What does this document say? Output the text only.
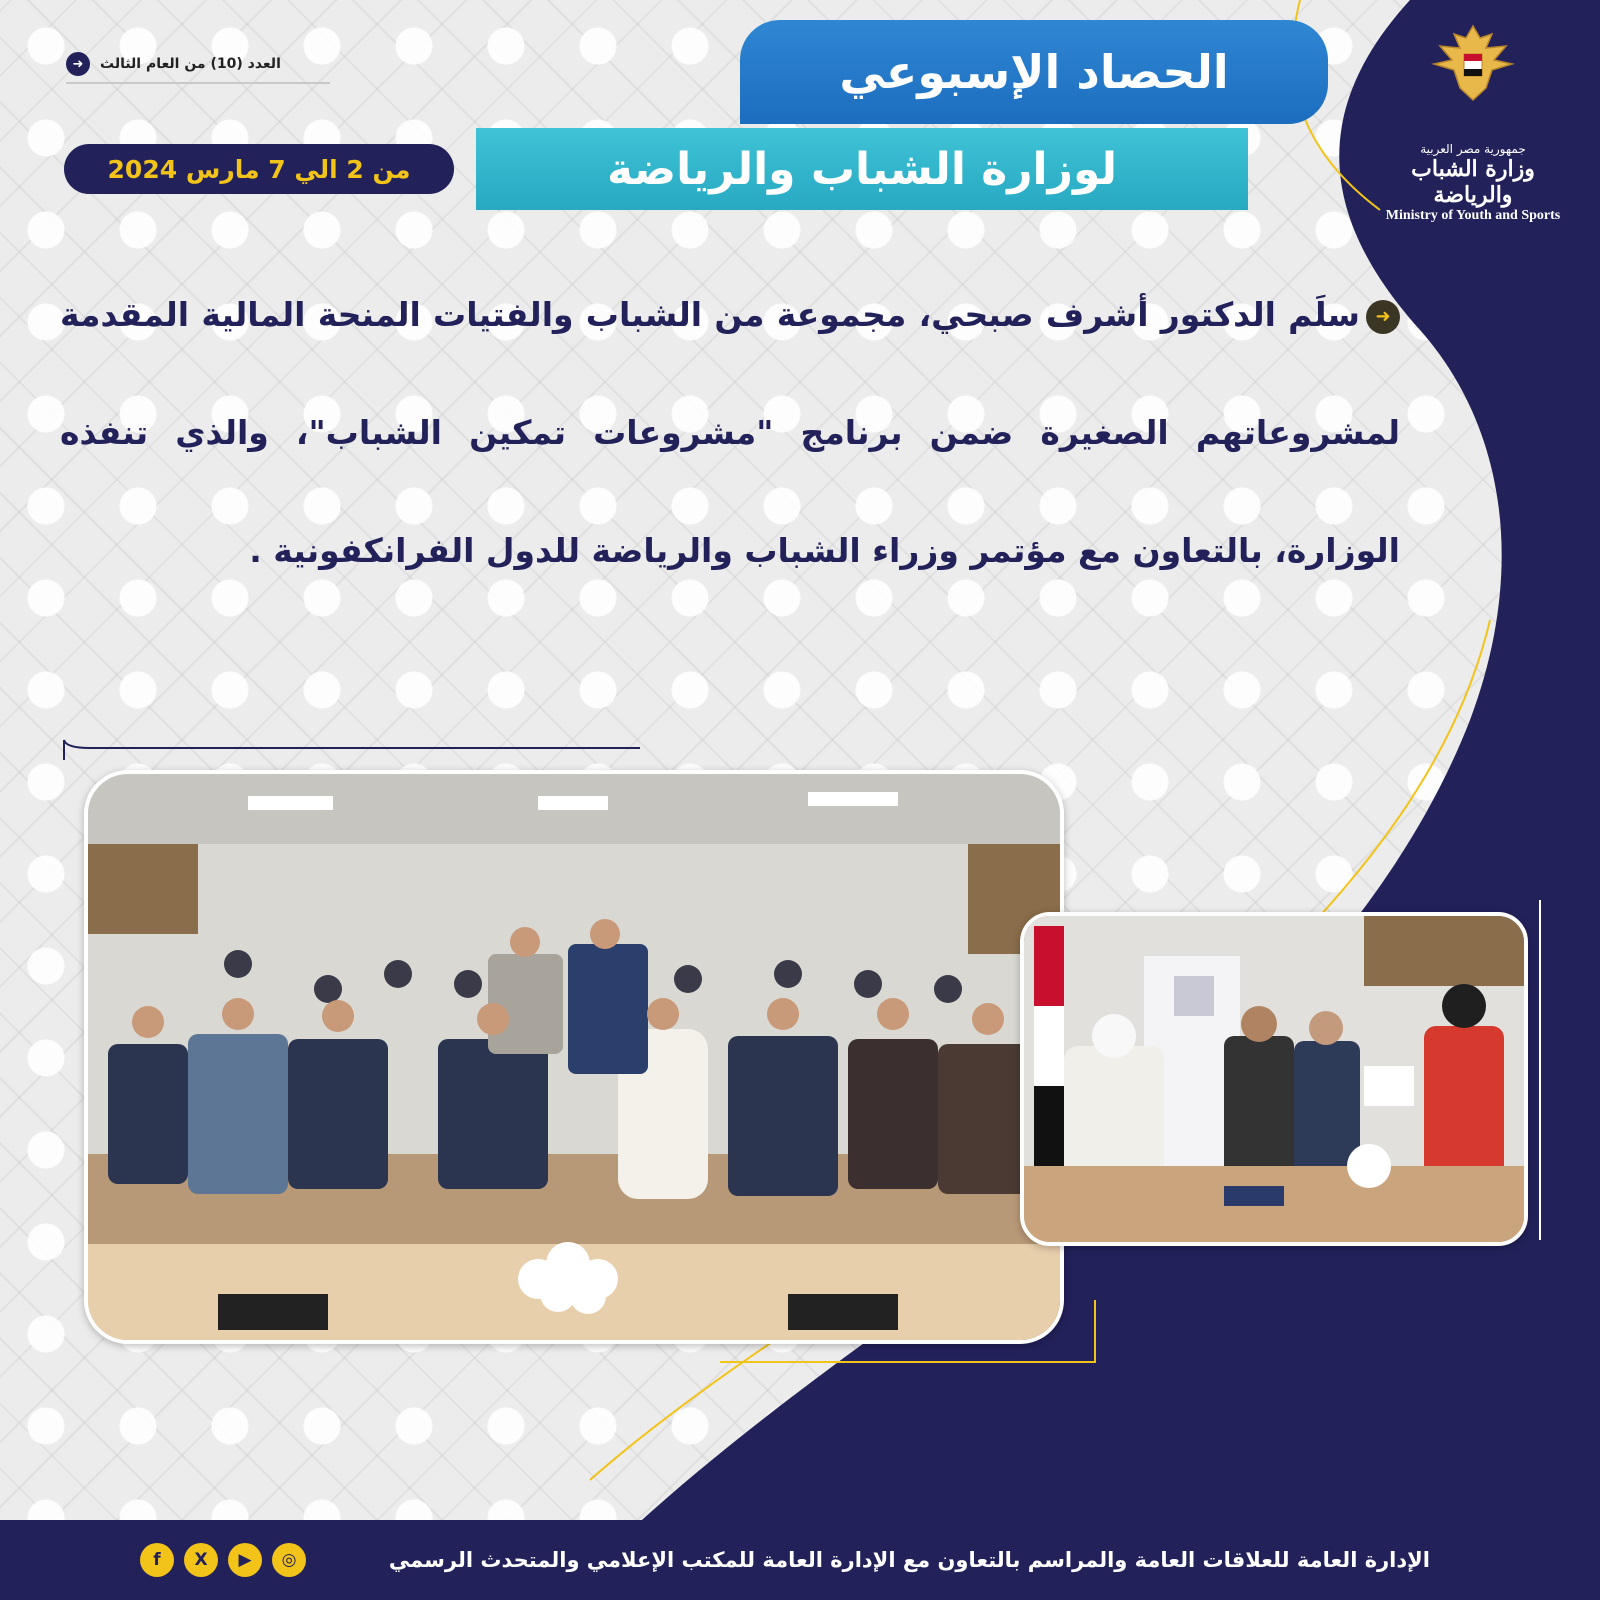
جمهورية مصر العربية
وزارة الشباب والرياضة
Ministry of Youth and Sports
العدد (10) من العام الثالث
➜	الحصاد الإسبوعي
لوزارة الشباب والرياضة
من 2 الي 7 مارس 2024
➜سلَم الدكتور أشرف صبحي، مجموعة من الشباب والفتيات المنحة المالية المقدمة لمشروعاتهم الصغيرة ضمن برنامج "مشروعات تمكين الشباب"، والذي تنفذه الوزارة، بالتعاون مع مؤتمر وزراء الشباب والرياضة للدول الفرانكفونية .
f	X	▶	◎	الإدارة العامة للعلاقات العامة والمراسم بالتعاون مع الإدارة العامة للمكتب الإعلامي والمتحدث الرسمي
